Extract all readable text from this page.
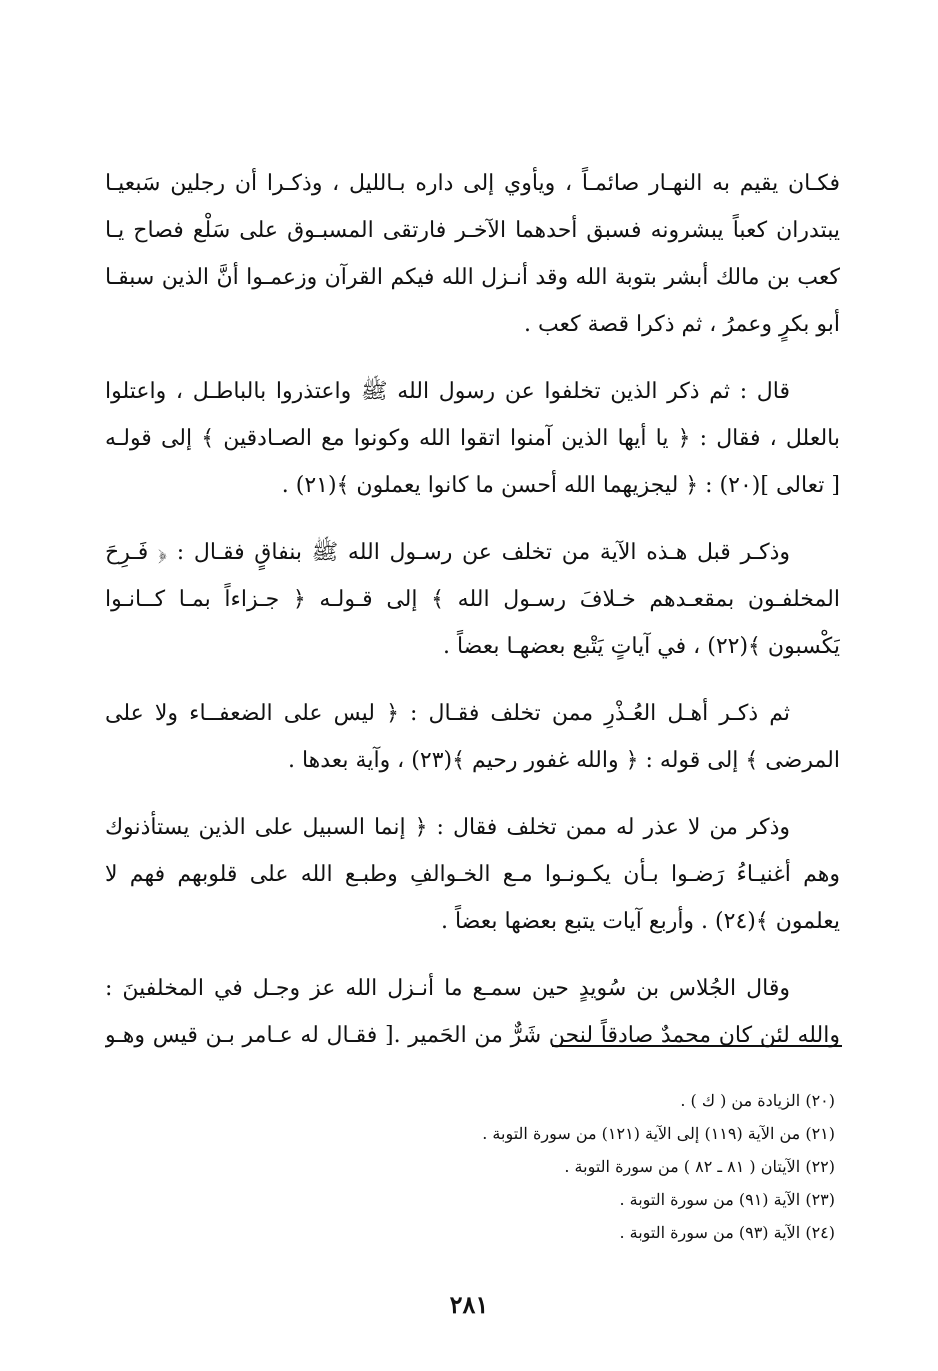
فكـان يقيم به النهـار صائمـاً ، ويأوي إلى داره بـالليل ، وذكـرا أن رجلين سَبعيـا
يبتدران كعباً يبشرونه فسبق أحدهما الآخـر فارتقى المسبـوق على سَلْع فصاح يـا
كعب بن مالك أبشر بتوبة الله وقد أنـزل الله فيكم القرآن وزعمـوا أنَّ الذين سبقـا
أبو بكرٍ وعمرُ ، ثم ذكرا قصة كعب .

قال : ثم ذكر الذين تخلفوا عن رسول الله ﷺ واعتذروا بالباطـل ، واعتلوا
بالعلل ، فقال : ﴿ يا أيها الذين آمنوا اتقوا الله وكونوا مع الصـادقين ﴾ إلى قولـه
[ تعالى ](٢٠) : ﴿ ليجزيهما الله أحسن ما كانوا يعملون ﴾(٢١) .

وذكـر قبل هـذه الآية من تخلف عن رسـول الله ﷺ بنفاقٍ فقـال : ﴿ فَـرِحَ
المخلفـون بمقعـدهم خـلافَ رسـول الله ﴾ إلى قـولـه ﴿ جـزاءاً بمـا كــانـوا
يَكْسبون ﴾(٢٢) ، في آياتٍ يَتْبع بعضهـا بعضاً .

ثم ذكـر أهـل العُـذْرِ ممن تخلف فقـال : ﴿ ليس على الضعفــاء ولا على
المرضى ﴾ إلى قوله : ﴿ والله غفور رحيم ﴾(٢٣) ، وآية بعدها .

وذكر من لا عذر له ممن تخلف فقال : ﴿ إنما السبيل على الذين يستأذنوك
وهم أغنيـاءُ رَضـوا بـأن يكـونـوا مـع الخـوالفِ وطبـع الله على قلوبهم فهم لا
يعلمون ﴾(٢٤) . وأربع آيات يتبع بعضها بعضاً .

وقال الجُلاس بن سُويدٍ حين سمـع ما أنـزل الله عز وجـل في المخلفينَ :
والله لئن كان محمدٌ صادقاً لنحن شَرٌّ من الحَمير .[ فقـال له عـامر بـن قيس وهـو

(٢٠) الزيادة من ( ك ) .
(٢١) من الآية (١١٩) إلى الآية (١٢١) من سورة التوبة .
(٢٢) الآيتان ( ٨١ ـ ٨٢ ) من سورة التوبة .
(٢٣) الآية (٩١) من سورة التوبة .
(٢٤) الآية (٩٣) من سورة التوبة .
٢٨١
